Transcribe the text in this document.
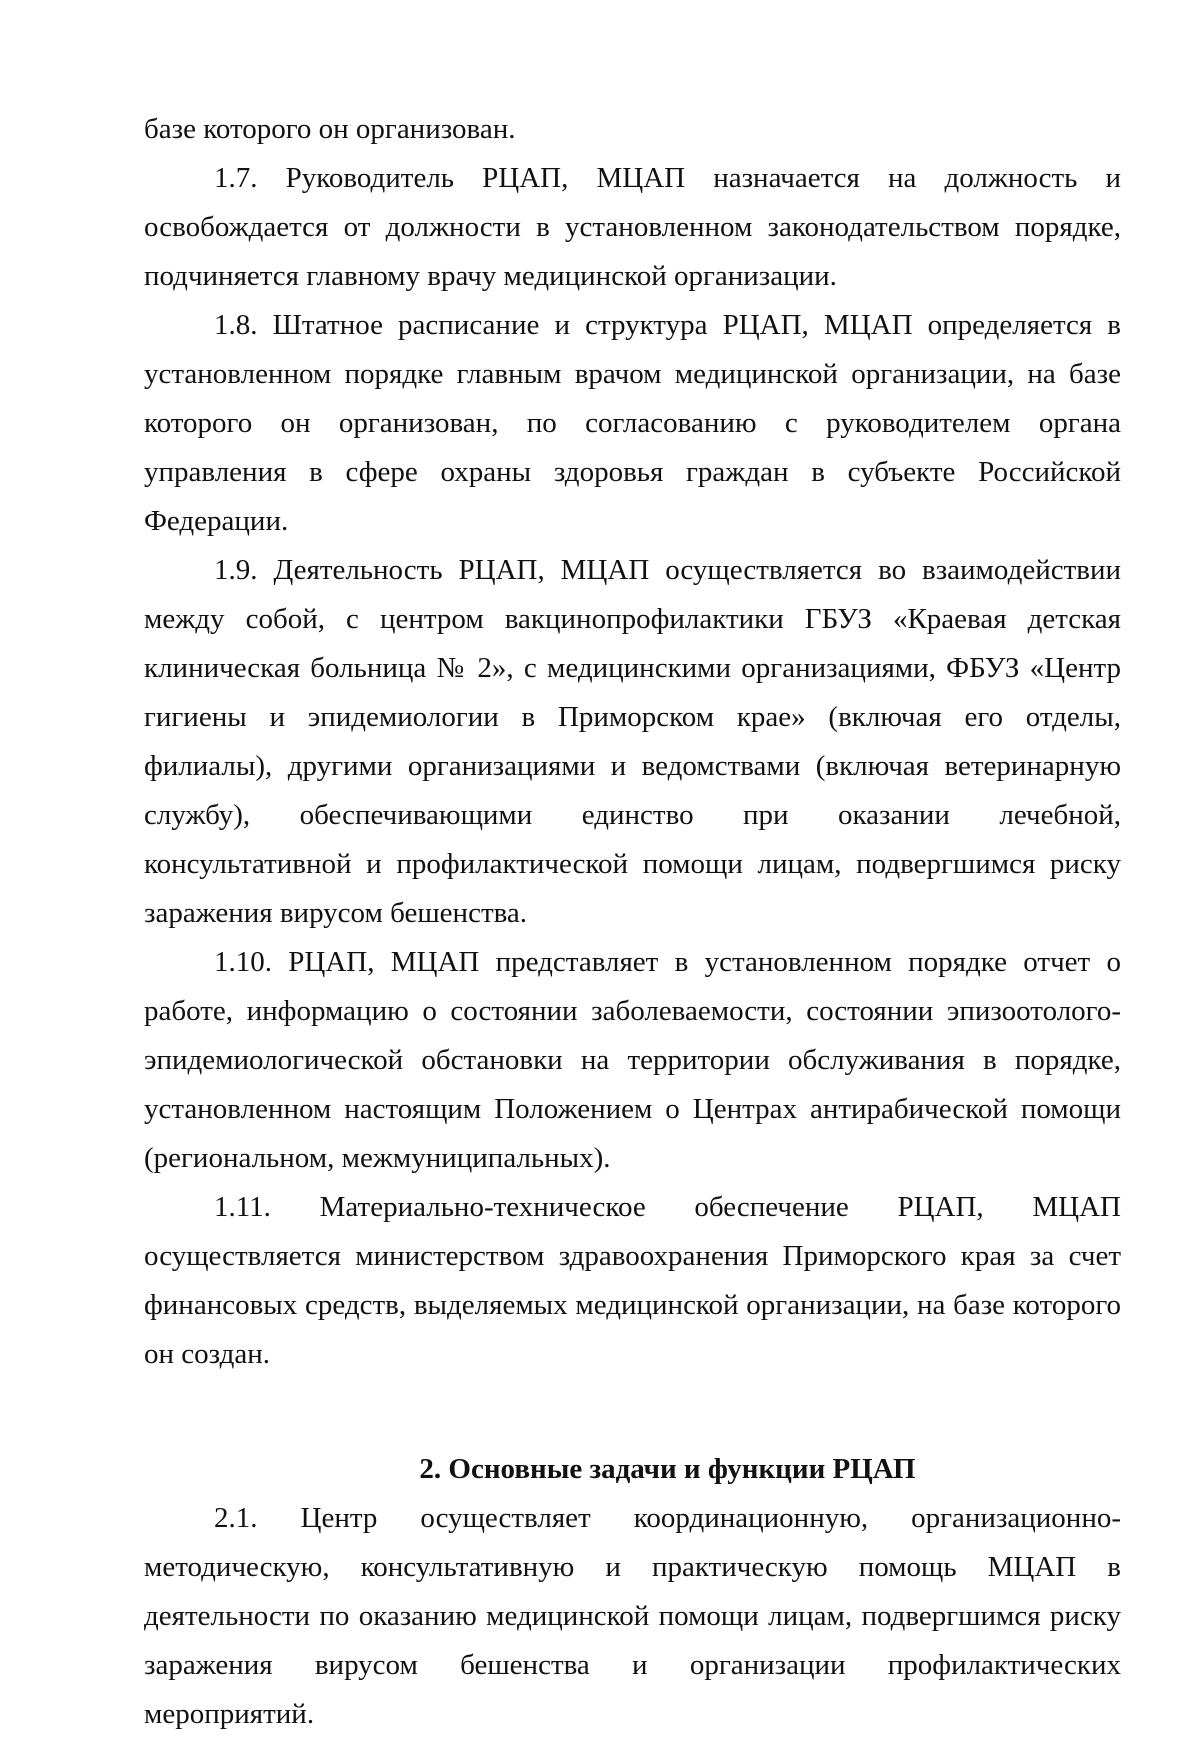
базе которого он организован.

1.7. Руководитель РЦАП, МЦАП назначается на должность и освобождается от должности в установленном законодательством порядке, подчиняется главному врачу медицинской организации.

1.8. Штатное расписание и структура РЦАП, МЦАП определяется в установленном порядке главным врачом медицинской организации, на базе которого он организован, по согласованию с руководителем органа управления в сфере охраны здоровья граждан в субъекте Российской Федерации.

1.9. Деятельность РЦАП, МЦАП осуществляется во взаимодействии между собой, с центром вакцинопрофилактики ГБУЗ «Краевая детская клиническая больница № 2», с медицинскими организациями, ФБУЗ «Центр гигиены и эпидемиологии в Приморском крае» (включая его отделы, филиалы), другими организациями и ведомствами (включая ветеринарную службу), обеспечивающими единство при оказании лечебной, консультативной и профилактической помощи лицам, подвергшимся риску заражения вирусом бешенства.

1.10. РЦАП, МЦАП представляет в установленном порядке отчет о работе, информацию о состоянии заболеваемости, состоянии эпизоотолого-эпидемиологической обстановки на территории обслуживания в порядке, установленном настоящим Положением о Центрах антирабической помощи (региональном, межмуниципальных).

1.11. Материально-техническое обеспечение РЦАП, МЦАП осуществляется министерством здравоохранения Приморского края за счет финансовых средств, выделяемых медицинской организации, на базе которого он создан.

2. Основные задачи и функции РЦАП

2.1. Центр осуществляет координационную, организационно-методическую, консультативную и практическую помощь МЦАП в деятельности по оказанию медицинской помощи лицам, подвергшимся риску заражения вирусом бешенства и организации профилактических мероприятий.
